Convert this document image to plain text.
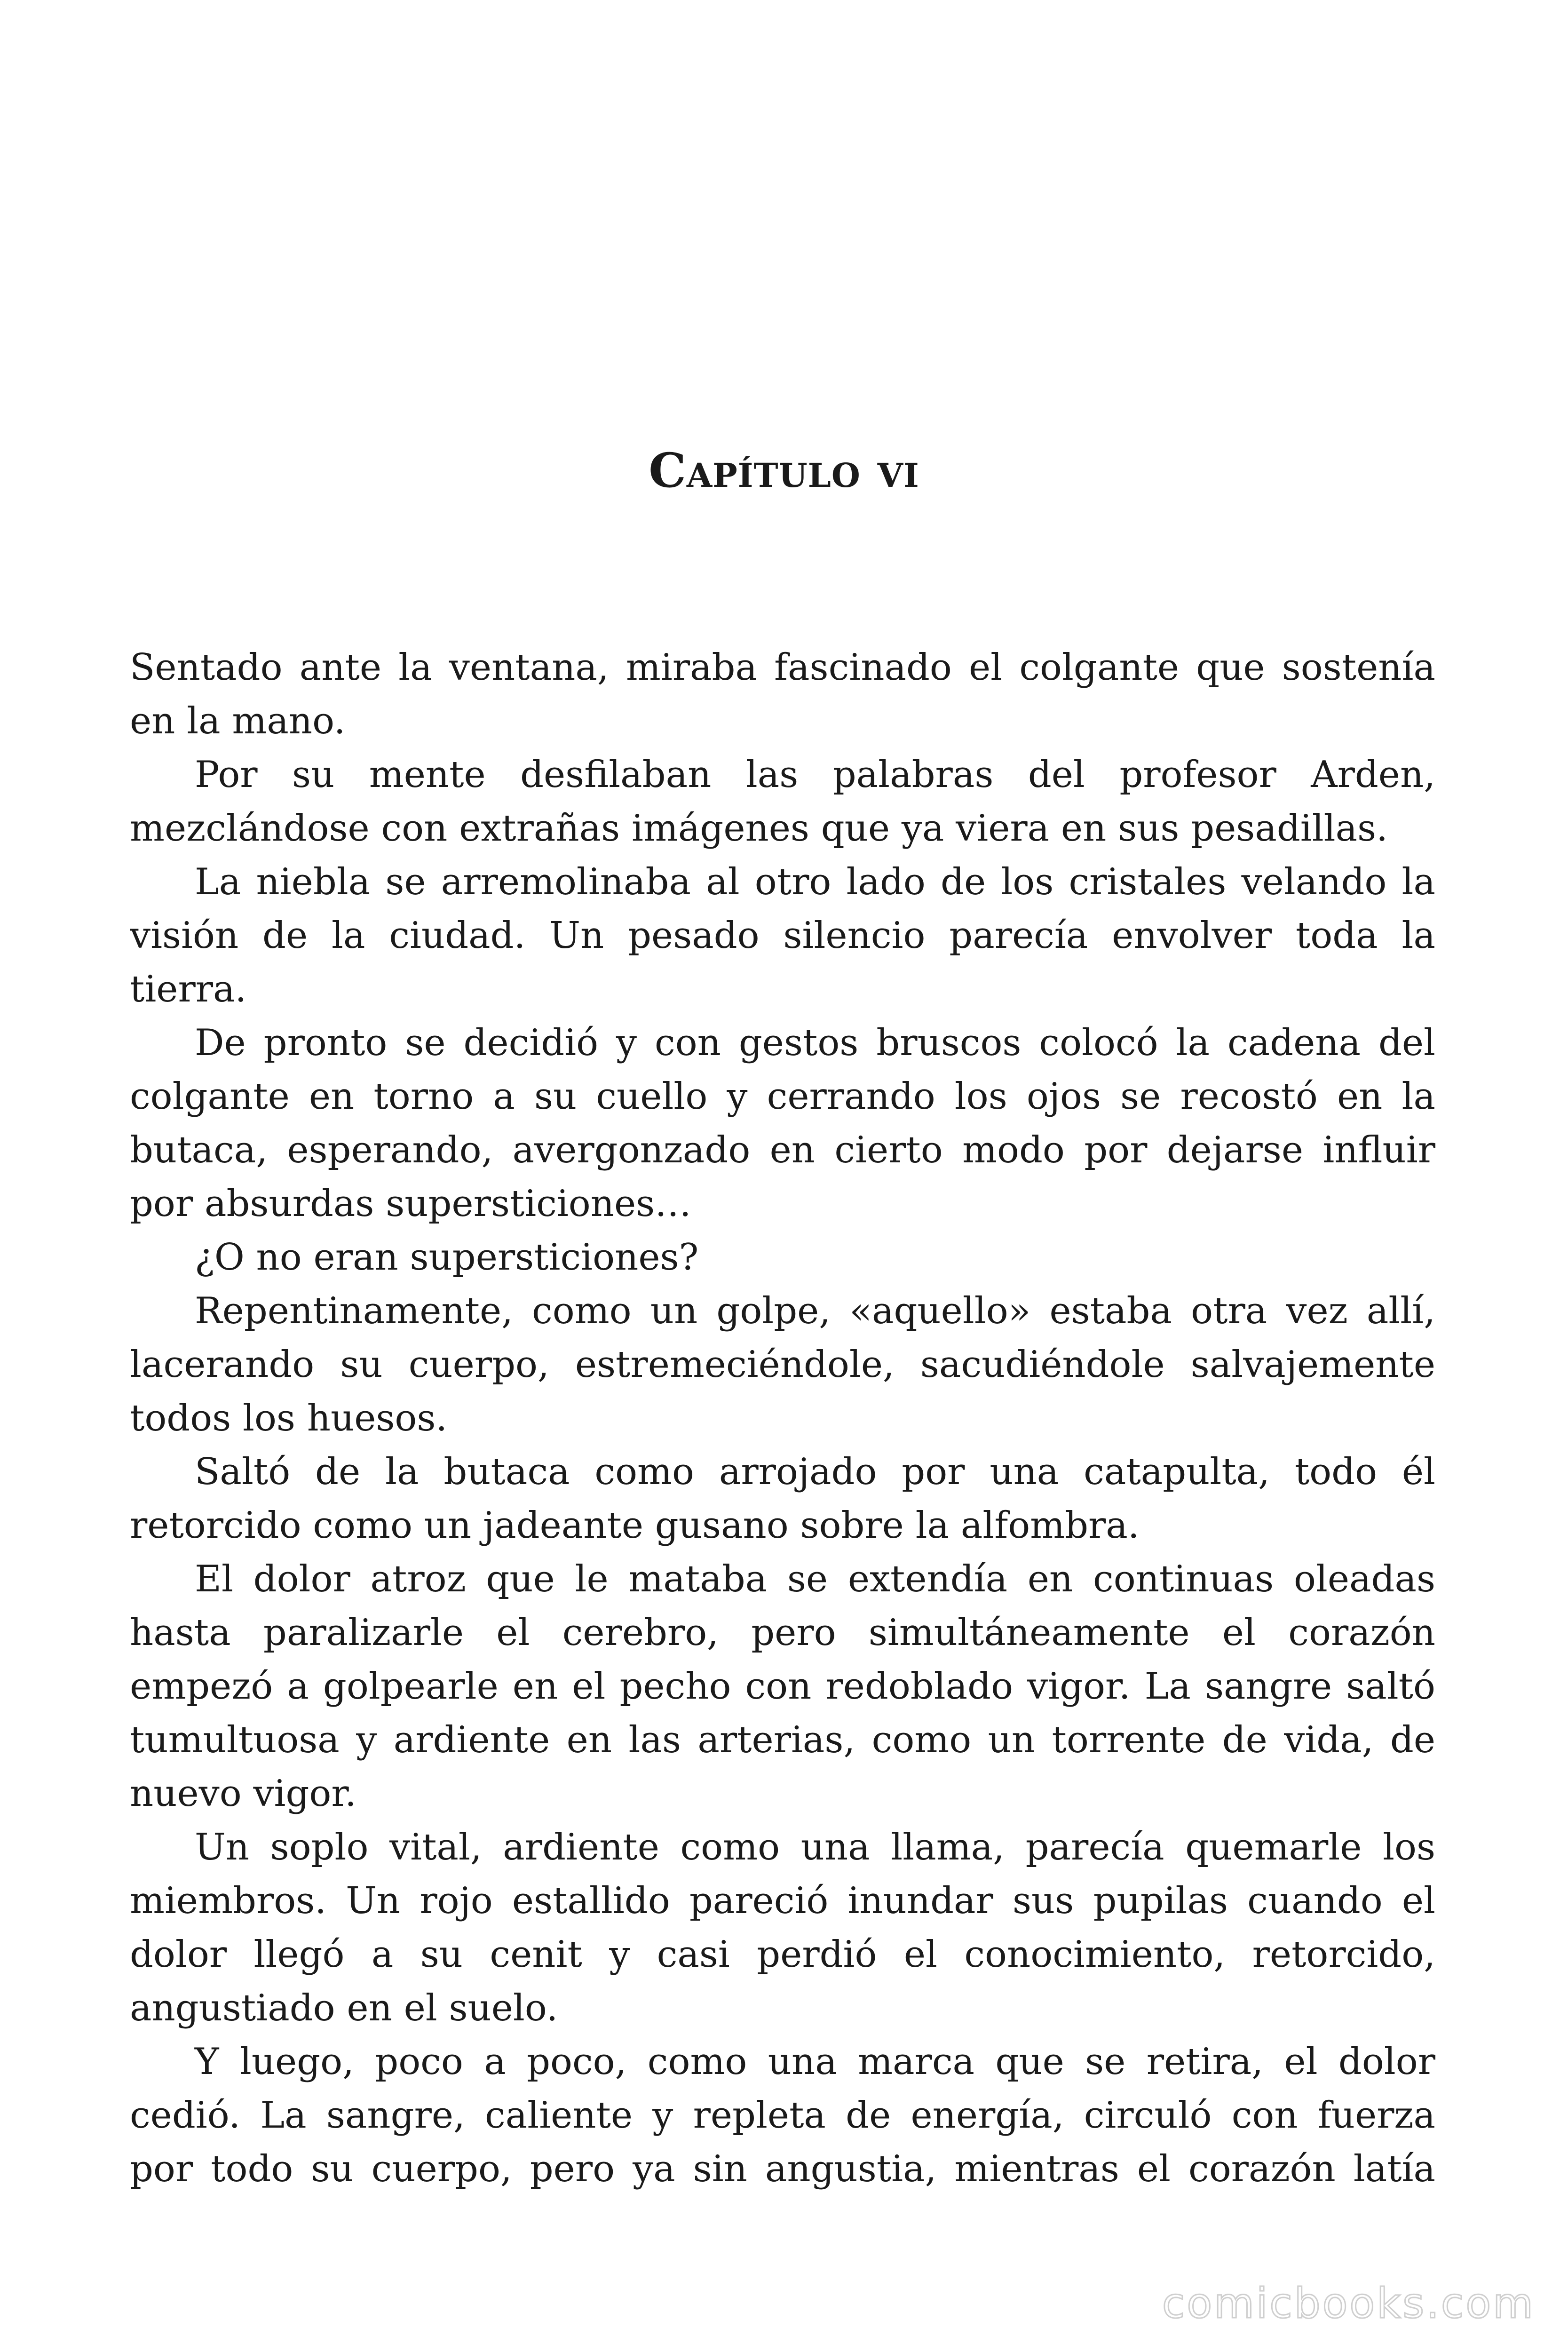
Capítulo vi

Sentado ante la ventana, miraba fascinado el colgante que sostenía
en la mano.

Por su mente desfilaban las palabras del profesor Arden,
mezclándose con extrañas imágenes que ya viera en sus pesadillas.

La niebla se arremolinaba al otro lado de los cristales velando la
visión de la ciudad. Un pesado silencio parecía envolver toda la
tierra.

De pronto se decidió y con gestos bruscos colocó la cadena del
colgante en torno a su cuello y cerrando los ojos se recostó en la
butaca, esperando, avergonzado en cierto modo por dejarse influir
por absurdas supersticiones…

¿O no eran supersticiones?

Repentinamente, como un golpe, «aquello» estaba otra vez allí,
lacerando su cuerpo, estremeciéndole, sacudiéndole salvajemente
todos los huesos.

Saltó de la butaca como arrojado por una catapulta, todo él
retorcido como un jadeante gusano sobre la alfombra.

El dolor atroz que le mataba se extendía en continuas oleadas
hasta paralizarle el cerebro, pero simultáneamente el corazón
empezó a golpearle en el pecho con redoblado vigor. La sangre saltó
tumultuosa y ardiente en las arterias, como un torrente de vida, de
nuevo vigor.

Un soplo vital, ardiente como una llama, parecía quemarle los
miembros. Un rojo estallido pareció inundar sus pupilas cuando el
dolor llegó a su cenit y casi perdió el conocimiento, retorcido,
angustiado en el suelo.

Y luego, poco a poco, como una marca que se retira, el dolor
cedió. La sangre, caliente y repleta de energía, circuló con fuerza
por todo su cuerpo, pero ya sin angustia, mientras el corazón latía

comicbooks.com
